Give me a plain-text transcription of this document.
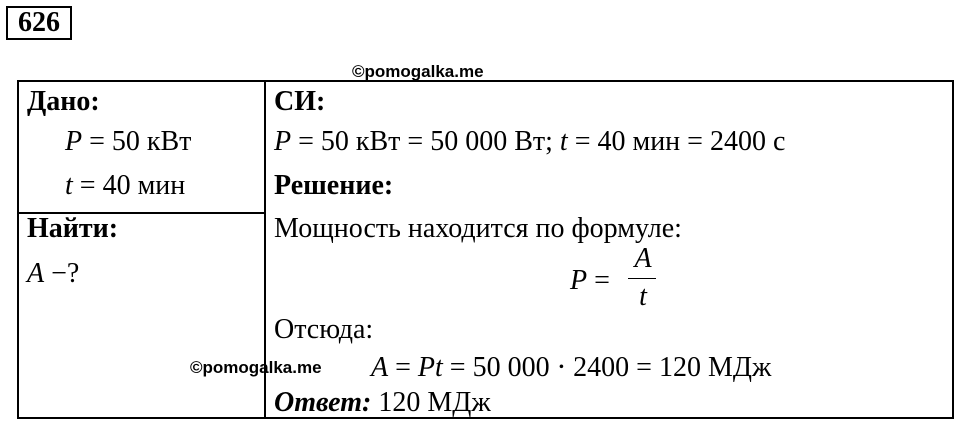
626
©pomogalka.me
Дано:
P = 50 кВт
t = 40 мин
Найти:
A −?
СИ:
P = 50 кВт = 50 000 Вт; t = 40 мин = 2400 с
Решение:
Мощность находится по формуле:
Отсюда:
A = Pt = 50 000 ⋅ 2400 = 120 МДж
Ответ: 120 МДж
P =
A
t
©pomogalka.me
